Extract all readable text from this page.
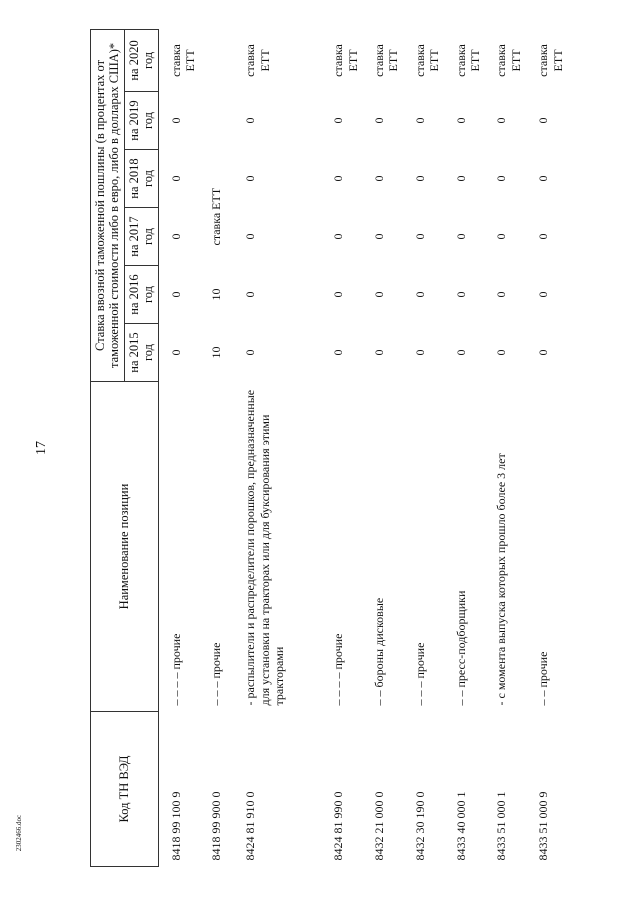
17
Код ТН ВЭД	Наименование позиции	Ставка ввозной таможенной пошлины (в процентах от таможенной стоимости либо в евро, либо в долларах США)*					
		на 2015 год	на 2016 год	на 2017 год	на 2018 год	на 2019 год	на 2020 год
8418 99 100 9	– – – – прочие	0	0	0	0	0	ставка ЕТТ
8418 99 900 0	– – – прочие	10	10	ставка ЕТТ			
8424 81 910 0	- распылители и распределители порошков, предназначенные для установки на тракторах или для буксирования этими тракторами	0	0	0	0	0	ставка ЕТТ
8424 81 990 0	– – – – прочие	0	0	0	0	0	ставка ЕТТ
8432 21 000 0	– – бороны дисковые	0	0	0	0	0	ставка ЕТТ
8432 30 190 0	– – – прочие	0	0	0	0	0	ставка ЕТТ
8433 40 000 1	– – пресс-подборщики	0	0	0	0	0	ставка ЕТТ
8433 51 000 1	- с момента выпуска которых прошло более 3 лет	0	0	0	0	0	ставка ЕТТ
8433 51 000 9	– – прочие	0	0	0	0	0	ставка ЕТТ
2302466.doc
